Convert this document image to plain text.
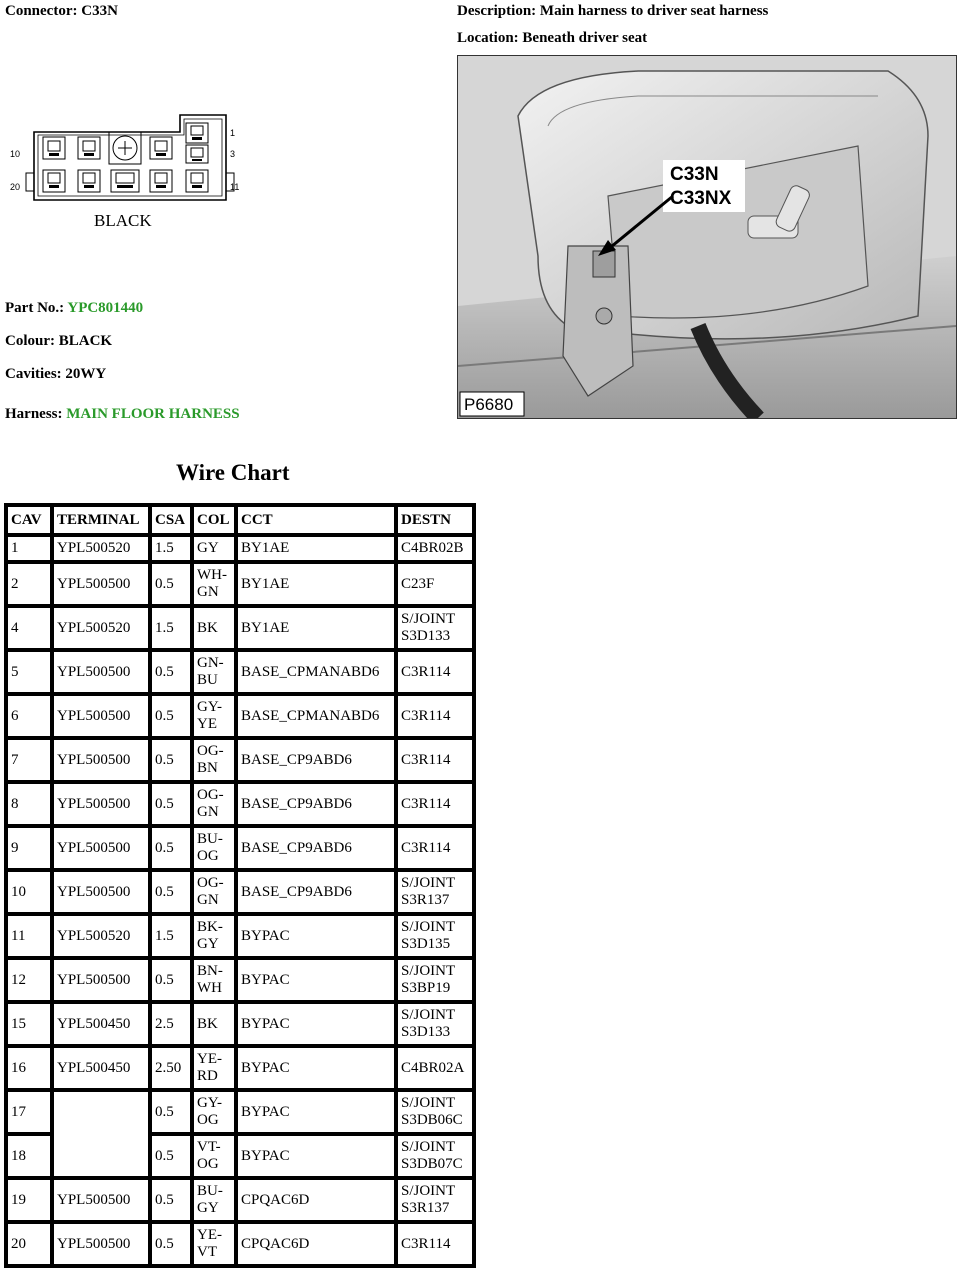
Connector: C33N	Description: Main harness to driver seat harness
Location: Beneath driver seat
1
10	3
20	11
BLACK
C33N
C33NX
P6680
Part No.: YPC801440
Colour: BLACK
Cavities: 20WY
Harness: MAIN FLOOR HARNESS
Wire Chart
CAV	TERMINAL	CSA	COL	CCT	DESTN
1	YPL500520	1.5	GY	BY1AE	C4BR02B
2	YPL500500	0.5	WH-GN	BY1AE	C23F
4	YPL500520	1.5	BK	BY1AE	S/JOINT S3D133
5	YPL500500	0.5	GN-BU	BASE_CPMANABD6	C3R114
6	YPL500500	0.5	GY-YE	BASE_CPMANABD6	C3R114
7	YPL500500	0.5	OG-BN	BASE_CP9ABD6	C3R114
8	YPL500500	0.5	OG-GN	BASE_CP9ABD6	C3R114
9	YPL500500	0.5	BU-OG	BASE_CP9ABD6	C3R114
10	YPL500500	0.5	OG-GN	BASE_CP9ABD6	S/JOINT S3R137
11	YPL500520	1.5	BK-GY	BYPAC	S/JOINT S3D135
12	YPL500500	0.5	BN-WH	BYPAC	S/JOINT S3BP19
15	YPL500450	2.5	BK	BYPAC	S/JOINT S3D133
16	YPL500450	2.50	YE-RD	BYPAC	C4BR02A
17		0.5	GY-OG	BYPAC	S/JOINT S3DB06C
18		0.5	VT-OG	BYPAC	S/JOINT S3DB07C
19	YPL500500	0.5	BU-GY	CPQAC6D	S/JOINT S3R137
20	YPL500500	0.5	YE-VT	CPQAC6D	C3R114
